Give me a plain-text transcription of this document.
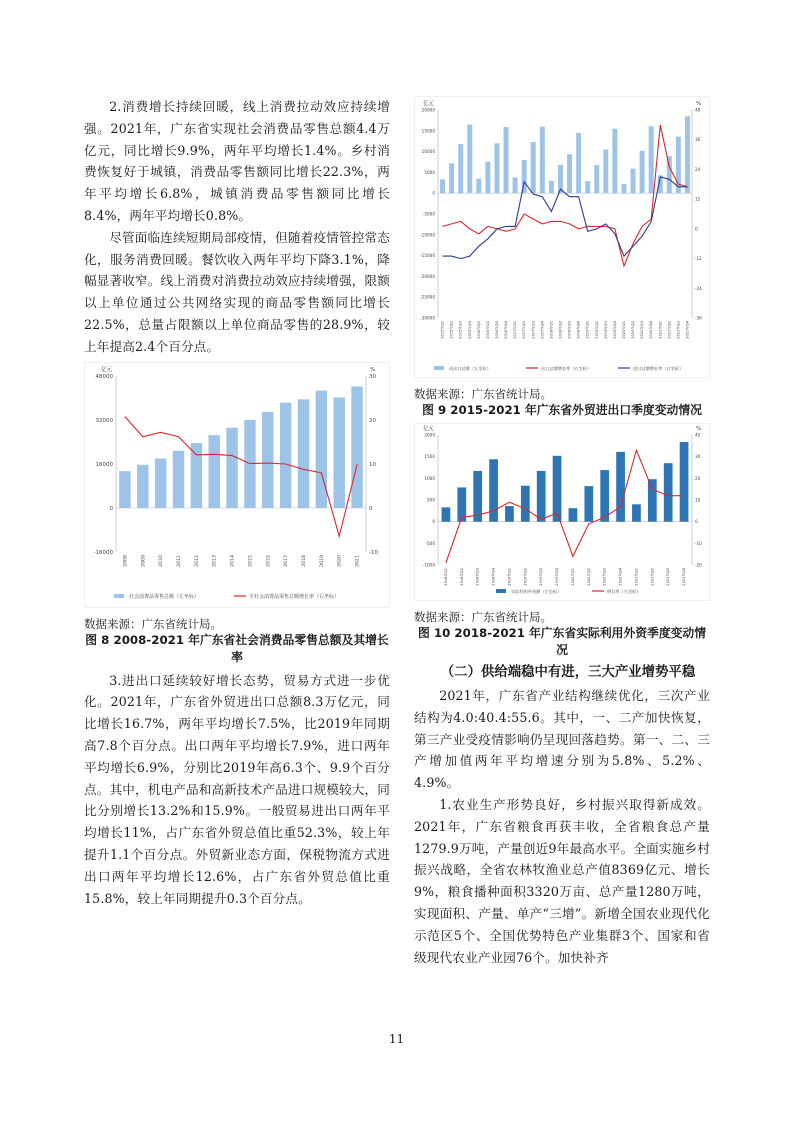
2.消费增长持续回暖，线上消费拉动效应持续增强。2021年，广东省实现社会消费品零售总额4.4万亿元，同比增长9.9%，两年平均增长1.4%。乡村消费恢复好于城镇，消费品零售额同比增长22.3%，两年平均增长6.8%，城镇消费品零售额同比增长8.4%，两年平均增长0.8%。

尽管面临连续短期局部疫情，但随着疫情管控常态化，服务消费回暖。餐饮收入两年平均下降3.1%，降幅显著收窄。线上消费对消费拉动效应持续增强，限额以上单位通过公共网络实现的商品零售额同比增长22.5%，总量占限额以上单位商品零售的28.9%，较上年提高2.4个百分点。

亿元	%
48000
32000
16000
0
-16000
30
20
10
0
-10
2008	2009	2010	2011	2012	2013	2014	2015	2016	2017	2018	2019	2020	2021
社会消费品零售总额（左坐标）	全社会消费品零售总额增长率（右坐标）
数据来源：广东省统计局。
图 8 2008-2021 年广东省社会消费品零售总额及其增长率

3.进出口延续较好增长态势，贸易方式进一步优化。2021年，广东省外贸进出口总额8.3万亿元，同比增长16.7%，两年平均增长7.5%，比2019年同期高7.8个百分点。出口两年平均增长7.9%，进口两年平均增长6.9%，分别比2019年高6.3个、9.9个百分点。其中，机电产品和高新技术产品进口规模较大，同比分别增长13.2%和15.9%。一般贸易进出口两年平均增长11%，占广东省外贸总值比重52.3%，较上年提升1.1个百分点。外贸新业态方面，保税物流方式进出口两年平均增长12.6%，占广东省外贸总值比重15.8%，较上年同期提升0.3个百分点。

亿元	%
20000
15000
10000
5000
0
-5000
-10000
-15000
-20000
-25000
-30000
48
36
24
12
0
-12
-24
-36
2015年Q1 2015年Q2 2015年Q3 2015年Q4 2016年Q1 2016年Q2 2016年Q3 2016年Q4 2017年Q1 2017年Q2 2017年Q3 2017年Q4 2018年Q1 2018年Q2 2018年Q3 2018年Q4 2019年Q1 2019年Q2 2019年Q3 2019年Q4 2020年Q1 2020年Q2 2020年Q3 2020年Q4 2021年Q1 2021年Q2 2021年Q3 2021年Q4
进出口总额（左坐标）	出口总额增长率（右坐标）	进口总额增长率（右坐标）
数据来源：广东省统计局。
图 9 2015-2021 年广东省外贸进出口季度变动情况
亿元	%
2000
1500
1000
500
0
-500
-1000
40
30
20
10
0
-10
-20
2018年Q1	2018年Q2	2018年Q3	2018年Q4	2019年Q1	2019年Q2	2019年Q3	2019年Q4	2020年Q1	2020年Q2	2020年Q3	2020年Q4	2021年Q1	2021年Q2	2021年Q3	2021年Q4
实际利用外资额（左坐标）	增长率（右坐标）
数据来源：广东省统计局。
图 10 2018-2021 年广东省实际利用外资季度变动情况
（二）供给端稳中有进，三大产业增势平稳

2021年，广东省产业结构继续优化，三次产业结构为4.0:40.4:55.6。其中，一、二产加快恢复，第三产业受疫情影响仍呈现回落趋势。第一、二、三产增加值两年平均增速分别为5.8%、5.2%、4.9%。

1.农业生产形势良好，乡村振兴取得新成效。2021年，广东省粮食再获丰收，全省粮食总产量1279.9万吨，产量创近9年最高水平。全面实施乡村振兴战略，全省农林牧渔业总产值8369亿元、增长9%，粮食播种面积3320万亩、总产量1280万吨，实现面积、产量、单产“三增”。新增全国农业现代化示范区5个、全国优势特色产业集群3个、国家和省级现代农业产业园76个。加快补齐

11
